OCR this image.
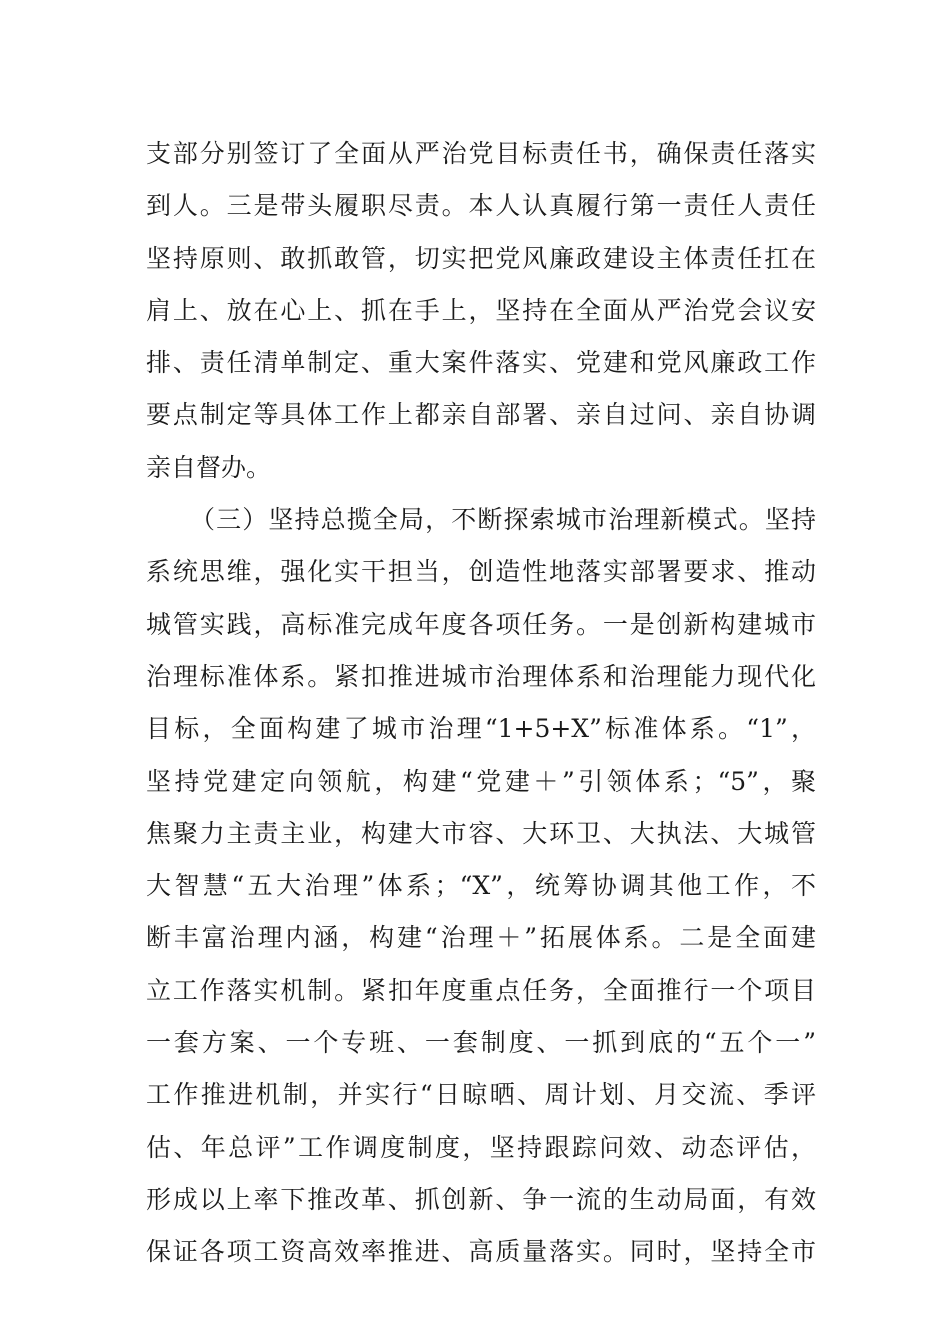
支部分别签订了全面从严治党目标责任书，确保责任落实
到人。三是带头履职尽责。本人认真履行第一责任人责任
坚持原则、敢抓敢管，切实把党风廉政建设主体责任扛在
肩上、放在心上、抓在手上，坚持在全面从严治党会议安
排、责任清单制定、重大案件落实、党建和党风廉政工作
要点制定等具体工作上都亲自部署、亲自过问、亲自协调
亲自督办。
（三）坚持总揽全局，不断探索城市治理新模式。坚持
系统思维，强化实干担当，创造性地落实部署要求、推动
城管实践，高标准完成年度各项任务。一是创新构建城市
治理标准体系。紧扣推进城市治理体系和治理能力现代化
目标，全面构建了城市治理“1+5+X”标准体系。“1”，
坚持党建定向领航，构建“党建＋”引领体系；“5”，聚
焦聚力主责主业，构建大市容、大环卫、大执法、大城管
大智慧“五大治理”体系；“X”，统筹协调其他工作，不
断丰富治理内涵，构建“治理＋”拓展体系。二是全面建
立工作落实机制。紧扣年度重点任务，全面推行一个项目
一套方案、一个专班、一套制度、一抓到底的“五个一”
工作推进机制，并实行“日晾晒、周计划、月交流、季评
估、年总评”工作调度制度，坚持跟踪问效、动态评估，
形成以上率下推改革、抓创新、争一流的生动局面，有效
保证各项工资高效率推进、高质量落实。同时，坚持全市
